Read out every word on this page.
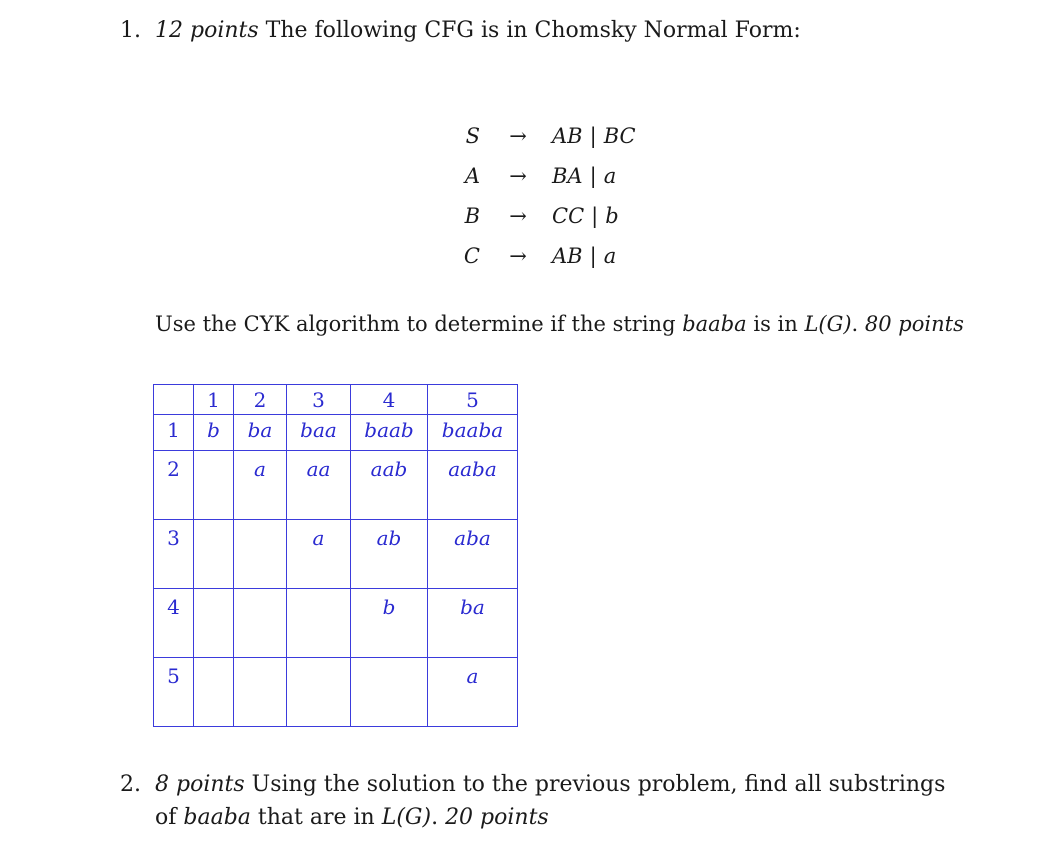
1. 12 points The following CFG is in Chomsky Normal Form:
S	→	AB | BC
A	→	BA | a
B	→	CC | b
C	→	AB | a
Use the CYK algorithm to determine if the string baaba is in L(G). 80 points
	1	2	3	4	5
1	b	ba	baa	baab	baaba
2		a	aa	aab	aaba
3			a	ab	aba
4				b	ba
5					a
2. 8 points Using the solution to the previous problem, find all substrings
of baaba that are in L(G). 20 points
